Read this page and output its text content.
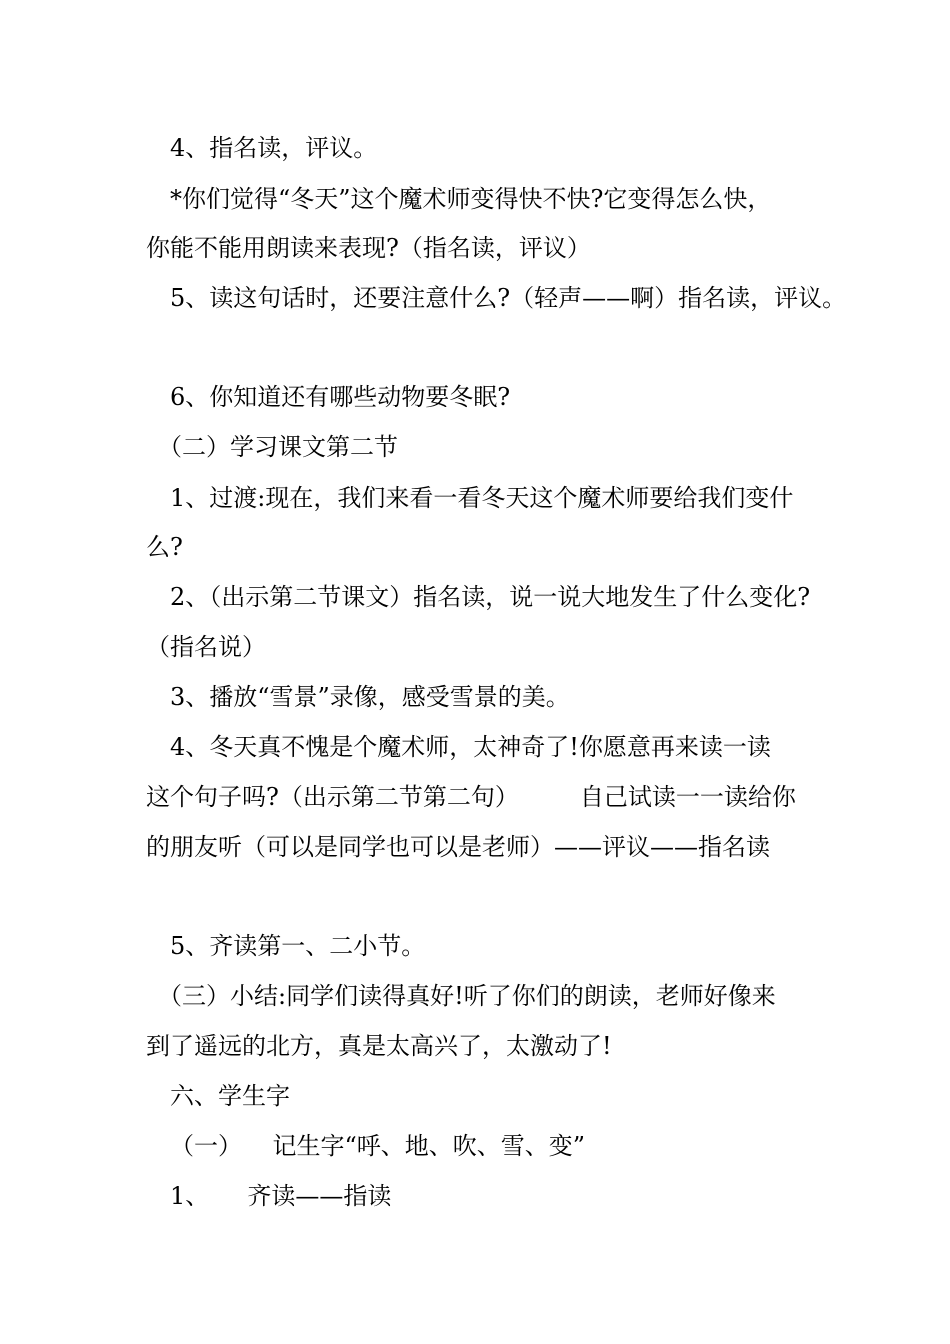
4、指名读，评议。
*你们觉得“冬天”这个魔术师变得快不快?它变得怎么快，
你能不能用朗读来表现?（指名读，评议）
5、读这句话时，还要注意什么?（轻声——啊）指名读，评议。
6、你知道还有哪些动物要冬眠?
（二）学习课文第二节
1、过渡:现在，我们来看一看冬天这个魔术师要给我们变什
么?
2、（出示第二节课文）指名读，说一说大地发生了什么变化?
（指名说）
3、播放“雪景”录像，感受雪景的美。
4、冬天真不愧是个魔术师，太神奇了!你愿意再来读一读
这个句子吗?（出示第二节第二句）        自己试读一一读给你
的朋友听（可以是同学也可以是老师）——评议——指名读
5、齐读第一、二小节。
（三）小结:同学们读得真好!听了你们的朗读，老师好像来
到了遥远的北方，真是太高兴了，太激动了!
六、学生字
（一）    记生字“呼、地、吹、雪、变”
1、     齐读——指读
